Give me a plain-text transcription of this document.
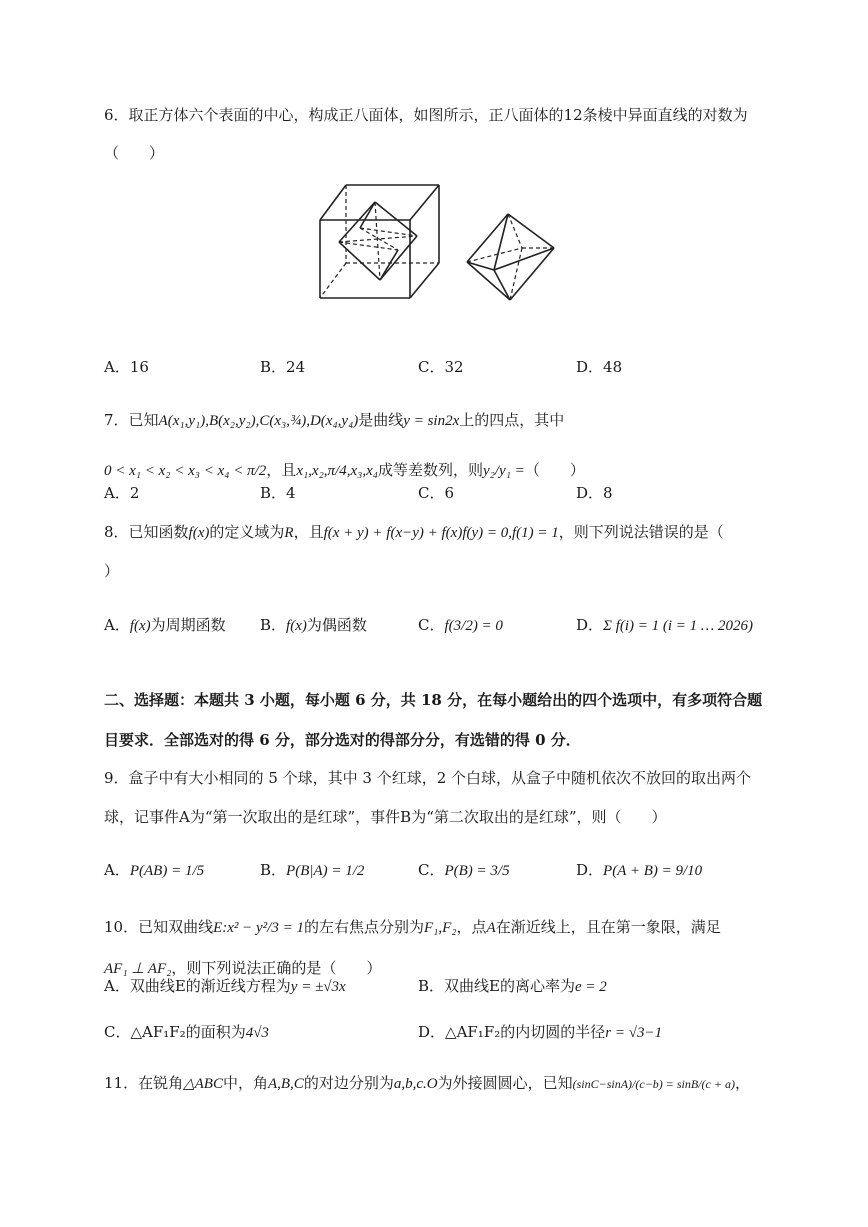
6．取正方体六个表面的中心，构成正八面体，如图所示，正八面体的12条棱中异面直线的对数为
（　　）
A．16	B．24	C．32	D．48
7．已知A(x₁,y₁),B(x₂,y₂),C(x₃,¾),D(x₄,y₄)是曲线y = sin2x上的四点，其中
0 < x₁ < x₂ < x₃ < x₄ < π/2，且x₁,x₂,π/4,x₃,x₄成等差数列，则y₂/y₁ =（　　）
A．2	B．4	C．6	D．8
8．已知函数f(x)的定义域为R，且f(x + y) + f(x−y) + f(x)f(y) = 0,f(1) = 1，则下列说法错误的是（
）
A．f(x)为周期函数 B．f(x)为偶函数	C．f(3/2) = 0	D．Σ f(i) = 1 (i = 1 … 2026)
二、选择题：本题共 3 小题，每小题 6 分，共 18 分，在每小题给出的四个选项中，有多项符合题
目要求．全部选对的得 6 分，部分选对的得部分分，有选错的得 0 分．
9．盒子中有大小相同的 5 个球，其中 3 个红球，2 个白球，从盒子中随机依次不放回的取出两个
球，记事件A为“第一次取出的是红球”，事件B为“第二次取出的是红球”，则（　　）
A．P(AB) = 1/5	B．P(B|A) = 1/2	C．P(B) = 3/5	D．P(A + B) = 9/10
10．已知双曲线E:x² − y²/3 = 1的左右焦点分别为F₁,F₂，点A在渐近线上，且在第一象限，满足
AF₁ ⊥ AF₂，则下列说法正确的是（　　）
A．双曲线E的渐近线方程为y = ±√3x	B．双曲线E的离心率为e = 2
C．△AF₁F₂的面积为4√3	D．△AF₁F₂的内切圆的半径r = √3−1
11．在锐角△ABC中，角A,B,C的对边分别为a,b,c.O为外接圆圆心，已知(sinC−sinA)/(c−b) = sinB/(c + a)，
